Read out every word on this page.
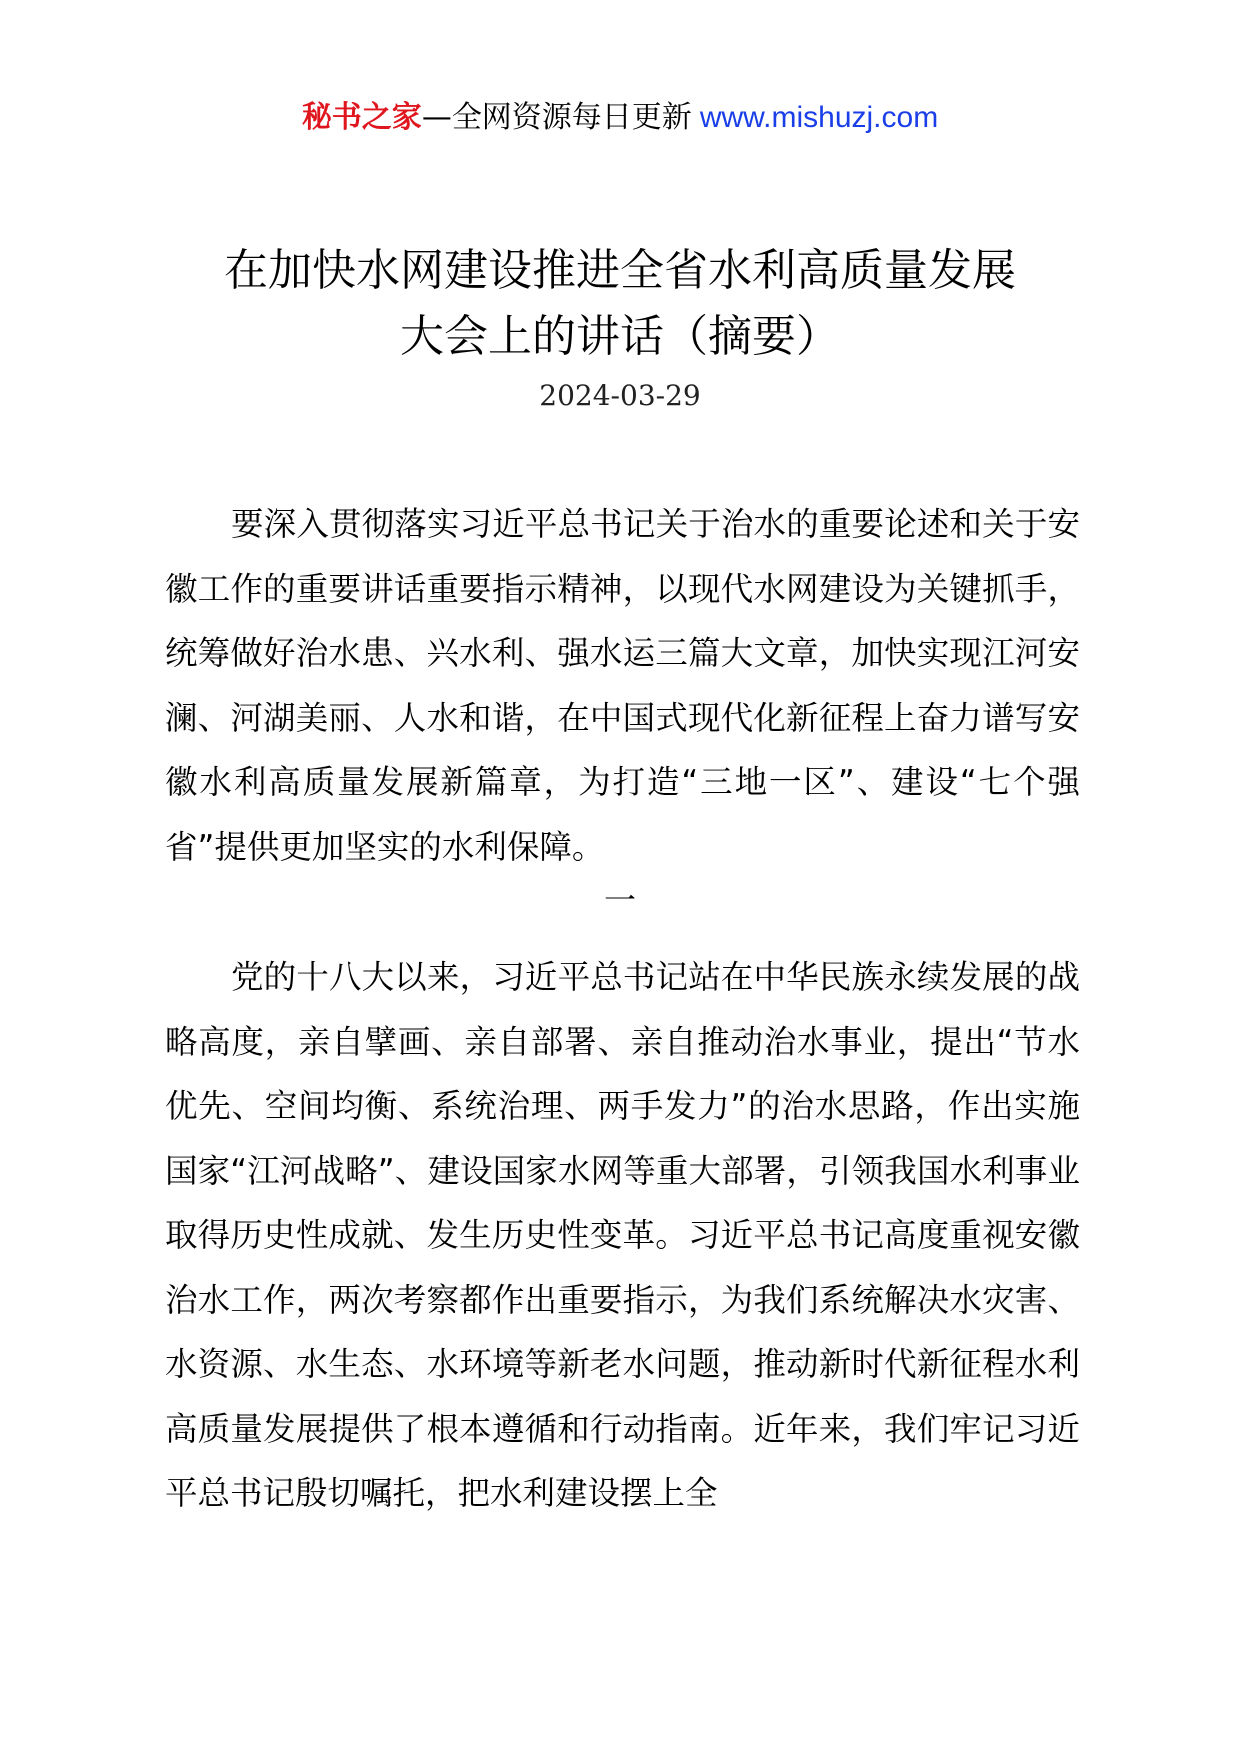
秘书之家—全网资源每日更新 www.mishuzj.com
在加快水网建设推进全省水利高质量发展
大会上的讲话（摘要）
2024-03-29
要深入贯彻落实习近平总书记关于治水的重要论述和关于安徽工作的重要讲话重要指示精神，以现代水网建设为关键抓手，统筹做好治水患、兴水利、强水运三篇大文章，加快实现江河安澜、河湖美丽、人水和谐，在中国式现代化新征程上奋力谱写安徽水利高质量发展新篇章，为打造“三地一区”、建设“七个强省”提供更加坚实的水利保障。
一
党的十八大以来，习近平总书记站在中华民族永续发展的战略高度，亲自擘画、亲自部署、亲自推动治水事业，提出“节水优先、空间均衡、系统治理、两手发力”的治水思路，作出实施国家“江河战略”、建设国家水网等重大部署，引领我国水利事业取得历史性成就、发生历史性变革。习近平总书记高度重视安徽治水工作，两次考察都作出重要指示，为我们系统解决水灾害、水资源、水生态、水环境等新老水问题，推动新时代新征程水利高质量发展提供了根本遵循和行动指南。近年来，我们牢记习近平总书记殷切嘱托，把水利建设摆上全
